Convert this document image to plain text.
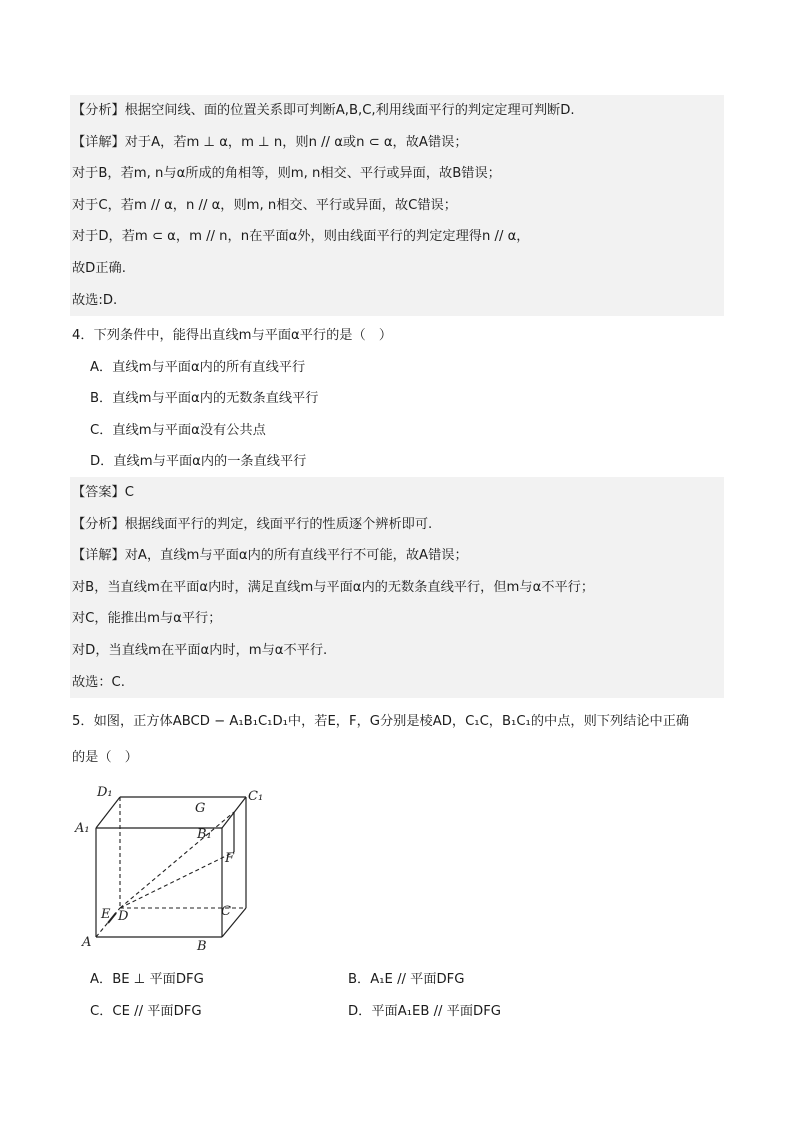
【分析】根据空间线、面的位置关系即可判断A,B,C,利用线面平行的判定定理可判断D.
【详解】对于A，若m ⊥ α，m ⊥ n，则n // α或n ⊂ α，故A错误；
对于B，若m, n与α所成的角相等，则m, n相交、平行或异面，故B错误；
对于C，若m // α，n // α，则m, n相交、平行或异面，故C错误；
对于D，若m ⊂ α，m // n，n在平面α外，则由线面平行的判定定理得n // α，
故D正确.
故选:D.
4．下列条件中，能得出直线m与平面α平行的是（　）
A．直线m与平面α内的所有直线平行
B．直线m与平面α内的无数条直线平行
C．直线m与平面α没有公共点
D．直线m与平面α内的一条直线平行
【答案】C
【分析】根据线面平行的判定，线面平行的性质逐个辨析即可.
【详解】对A，直线m与平面α内的所有直线平行不可能，故A错误；
对B，当直线m在平面α内时，满足直线m与平面α内的无数条直线平行，但m与α不平行；
对C，能推出m与α平行；
对D，当直线m在平面α内时，m与α不平行.
故选：C.
5．如图，正方体ABCD − A₁B₁C₁D₁中，若E，F，G分别是棱AD，C₁C，B₁C₁的中点，则下列结论中正确
的是（　）
D₁	C₁
A₁
G
B₁
F
E D	C
A	B
A．BE ⊥ 平面DFG	B．A₁E // 平面DFG
C．CE // 平面DFG	D．平面A₁EB // 平面DFG
